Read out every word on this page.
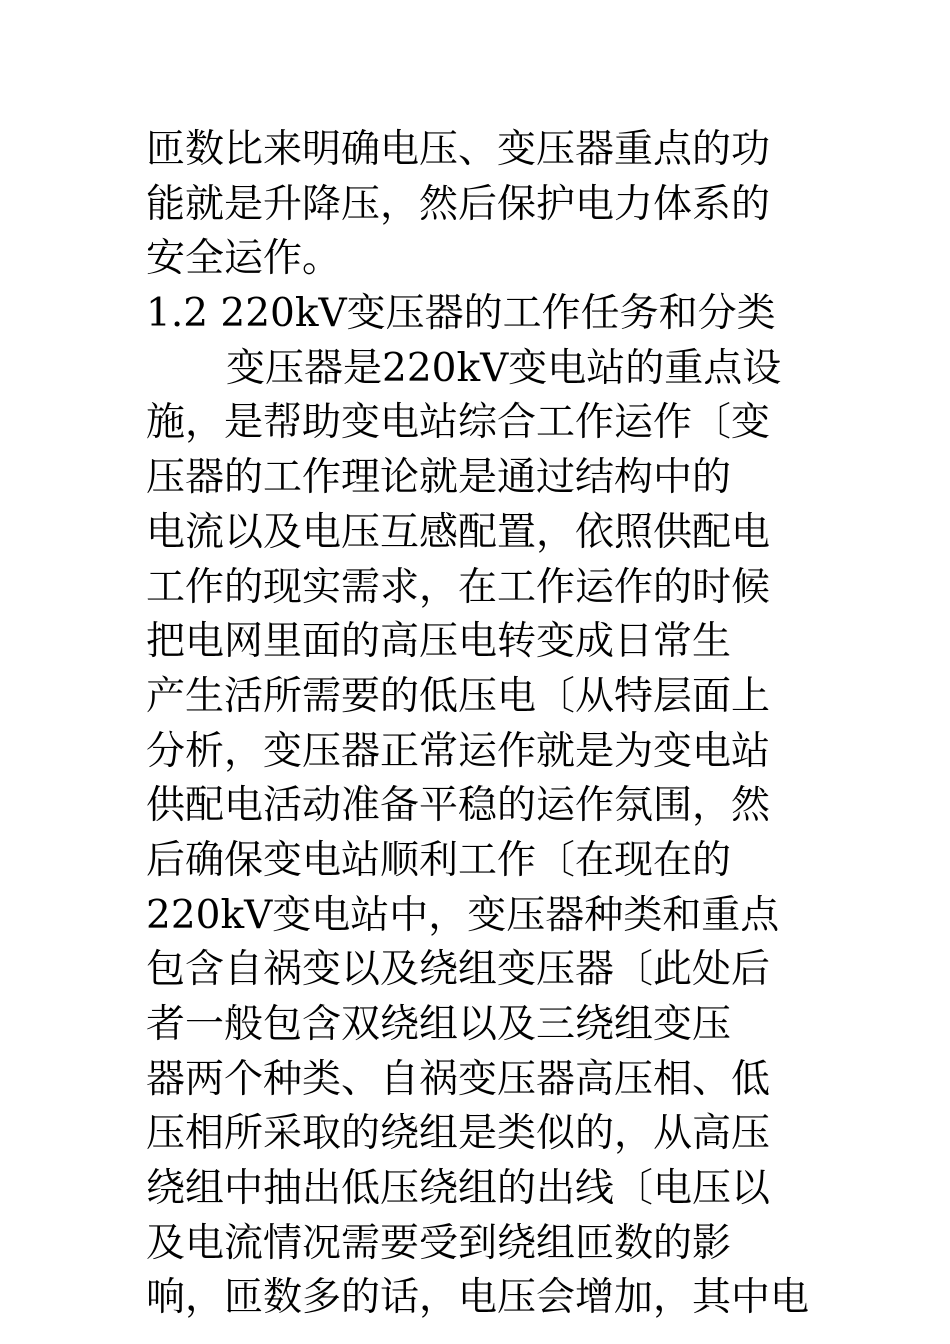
匝数比来明确电压、变压器重点的功
能就是升降压，然后保护电力体系的
安全运作。
1.2 220kV变压器的工作任务和分类
变压器是220kV变电站的重点设
施，是帮助变电站综合工作运作〔变
压器的工作理论就是通过结构中的
电流以及电压互感配置，依照供配电
工作的现实需求，在工作运作的时候
把电网里面的高压电转变成日常生
产生活所需要的低压电〔从特层面上
分析，变压器正常运作就是为变电站
供配电活动准备平稳的运作氛围，然
后确保变电站顺利工作〔在现在的
220kV变电站中，变压器种类和重点
包含自祸变以及绕组变压器〔此处后
者一般包含双绕组以及三绕组变压
器两个种类、自祸变压器高压相、低
压相所采取的绕组是类似的，从高压
绕组中抽出低压绕组的出线〔电压以
及电流情况需要受到绕组匝数的影
响，匝数多的话，电压会增加，其中电
